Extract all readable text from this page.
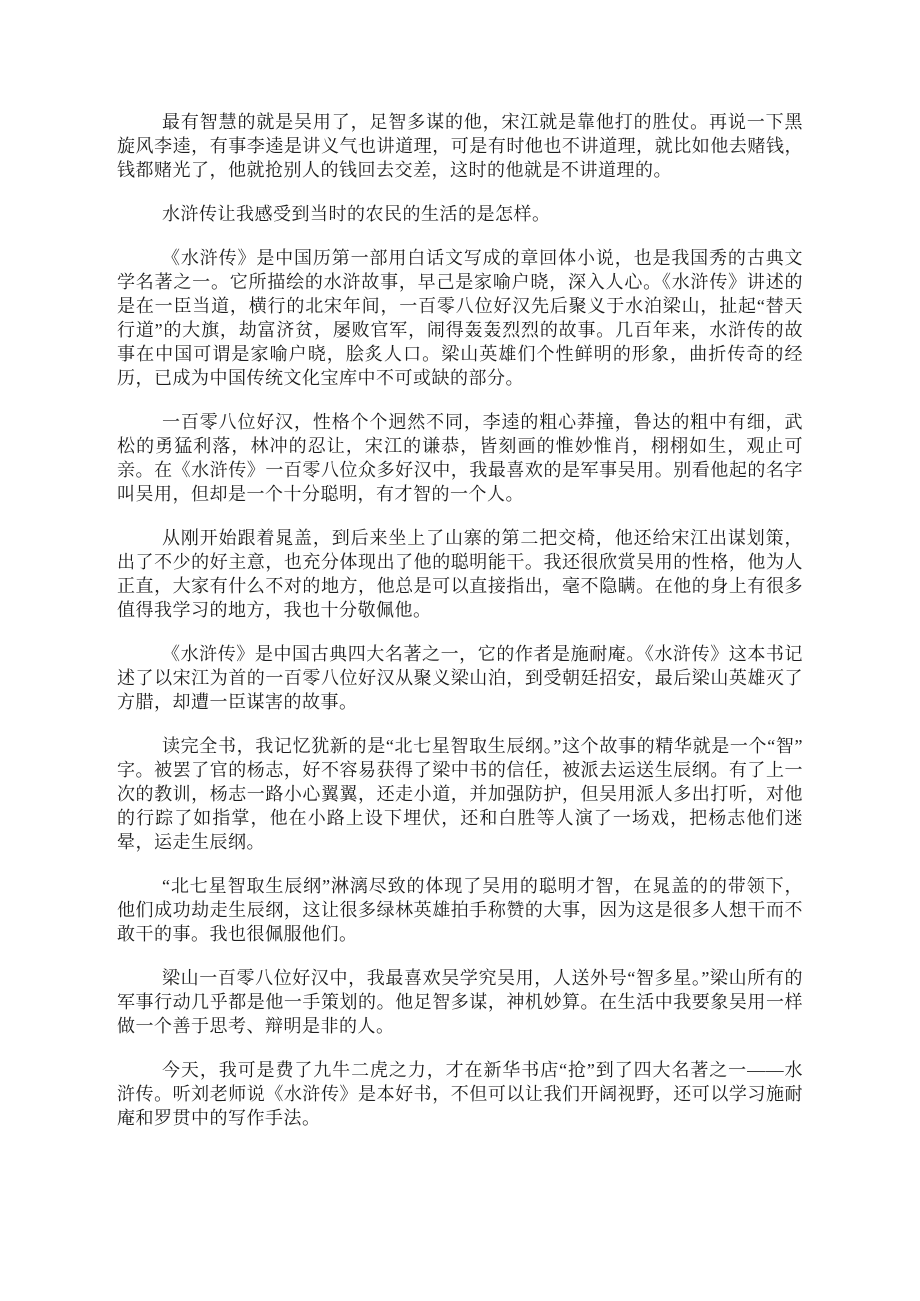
最有智慧的就是吴用了，足智多谋的他，宋江就是靠他打的胜仗。再说一下黑旋风李逵，有事李逵是讲义气也讲道理，可是有时他也不讲道理，就比如他去赌钱，钱都赌光了，他就抢别人的钱回去交差，这时的他就是不讲道理的。

水浒传让我感受到当时的农民的生活的是怎样。

《水浒传》是中国历第一部用白话文写成的章回体小说，也是我国秀的古典文学名著之一。它所描绘的水浒故事，早己是家喻户晓，深入人心。《水浒传》讲述的是在一臣当道，横行的北宋年间，一百零八位好汉先后聚义于水泊梁山，扯起“替天行道”的大旗，劫富济贫，屡败官军，闹得轰轰烈烈的故事。几百年来，水浒传的故事在中国可谓是家喻户晓，脍炙人口。梁山英雄们个性鲜明的形象，曲折传奇的经历，已成为中国传统文化宝库中不可或缺的部分。

一百零八位好汉，性格个个迥然不同，李逵的粗心莽撞，鲁达的粗中有细，武松的勇猛利落，林冲的忍让，宋江的谦恭，皆刻画的惟妙惟肖，栩栩如生，观止可亲。在《水浒传》一百零八位众多好汉中，我最喜欢的是军事吴用。别看他起的名字叫吴用，但却是一个十分聪明，有才智的一个人。

从刚开始跟着晁盖，到后来坐上了山寨的第二把交椅，他还给宋江出谋划策，出了不少的好主意，也充分体现出了他的聪明能干。我还很欣赏吴用的性格，他为人正直，大家有什么不对的地方，他总是可以直接指出，毫不隐瞒。在他的身上有很多值得我学习的地方，我也十分敬佩他。

《水浒传》是中国古典四大名著之一，它的作者是施耐庵。《水浒传》这本书记述了以宋江为首的一百零八位好汉从聚义梁山泊，到受朝廷招安，最后梁山英雄灭了方腊，却遭一臣谋害的故事。

读完全书，我记忆犹新的是“北七星智取生辰纲。”这个故事的精华就是一个“智”字。被罢了官的杨志，好不容易获得了梁中书的信任，被派去运送生辰纲。有了上一次的教训，杨志一路小心翼翼，还走小道，并加强防护，但吴用派人多出打听，对他的行踪了如指掌，他在小路上设下埋伏，还和白胜等人演了一场戏，把杨志他们迷晕，运走生辰纲。

“北七星智取生辰纲”淋漓尽致的体现了吴用的聪明才智，在晁盖的的带领下，他们成功劫走生辰纲，这让很多绿林英雄拍手称赞的大事，因为这是很多人想干而不敢干的事。我也很佩服他们。

梁山一百零八位好汉中，我最喜欢吴学究吴用，人送外号“智多星。”梁山所有的军事行动几乎都是他一手策划的。他足智多谋，神机妙算。在生活中我要象吴用一样做一个善于思考、辩明是非的人。

今天，我可是费了九牛二虎之力，才在新华书店“抢”到了四大名著之一——水浒传。听刘老师说《水浒传》是本好书，不但可以让我们开阔视野，还可以学习施耐庵和罗贯中的写作手法。
